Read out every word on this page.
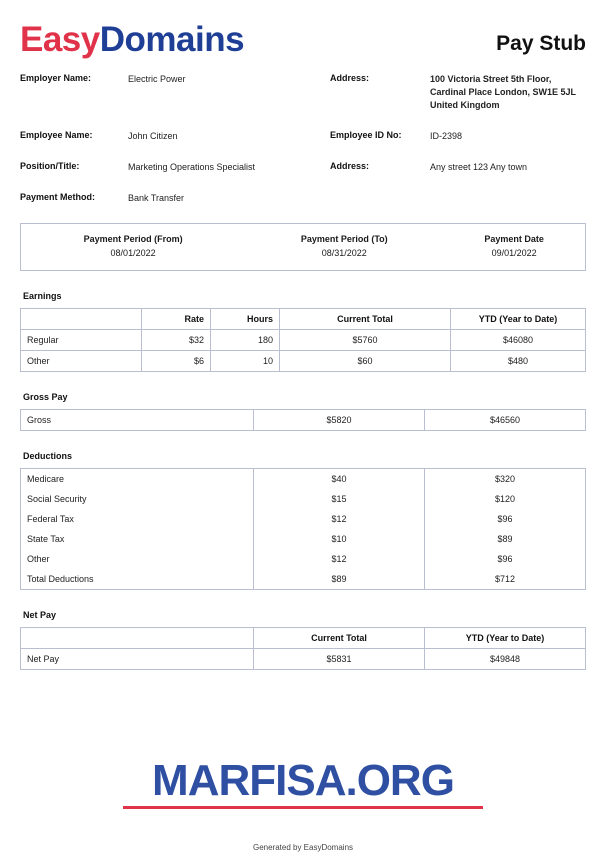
EasyDomains	Pay Stub
Employer Name:	Electric Power	Address:	100 Victoria Street 5th Floor, Cardinal Place London, SW1E 5JL United Kingdom
Employee Name:	John Citizen	Employee ID No:	ID-2398
Position/Title:	Marketing Operations Specialist	Address:	Any street 123 Any town
Payment Method:	Bank Transfer
Payment Period (From)	Payment Period (To)	Payment Date
08/01/2022	08/31/2022	09/01/2022
Earnings
	Rate	Hours	Current Total	YTD (Year to Date)
Regular	$32	180	$5760	$46080
Other	$6	10	$60	$480
Gross Pay
Gross	$5820	$46560
Deductions
Medicare	$40	$320
Social Security	$15	$120
Federal Tax	$12	$96
State Tax	$10	$89
Other	$12	$96
Total Deductions	$89	$712
Net Pay
	Current Total	YTD (Year to Date)
Net Pay	$5831	$49848
MARFISA.ORG
Generated by EasyDomains
